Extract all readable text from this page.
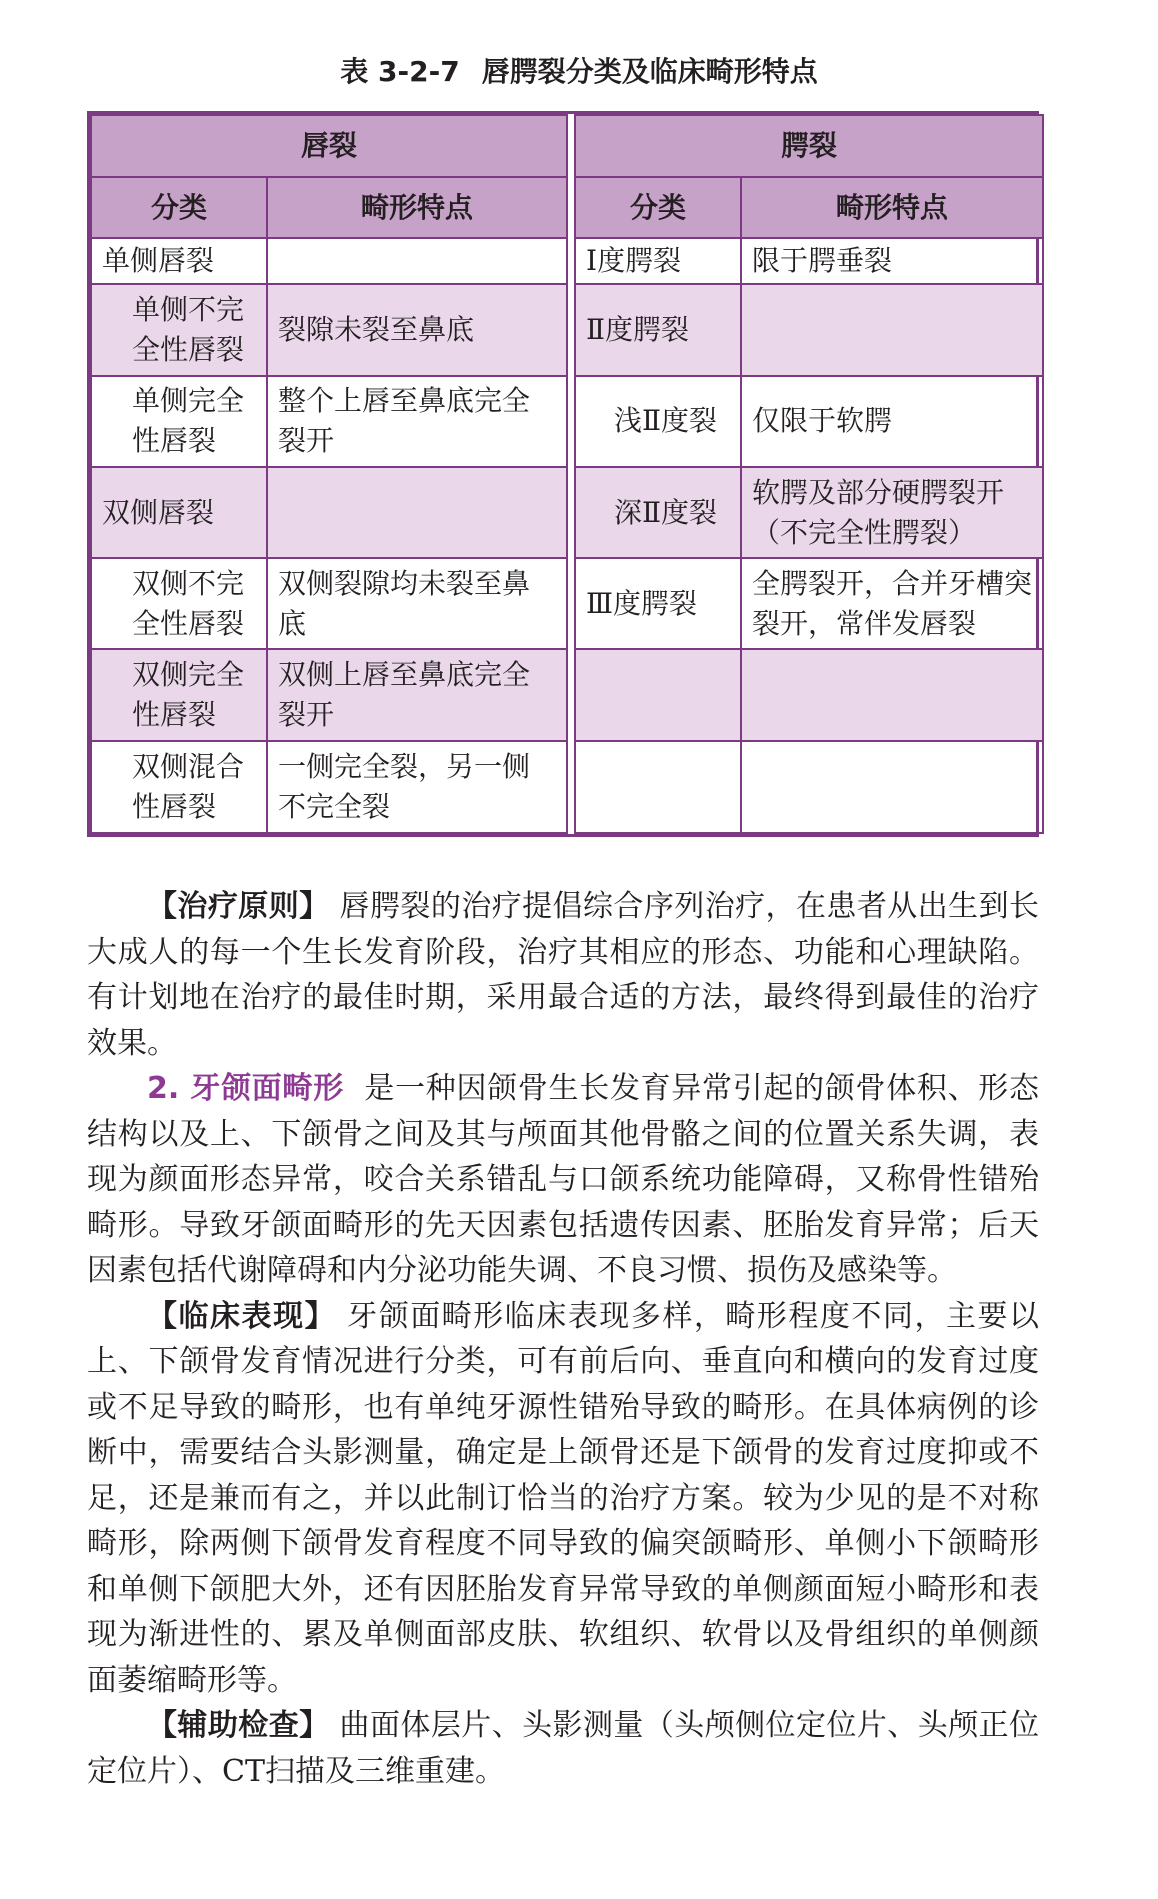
表 3-2-7 唇腭裂分类及临床畸形特点
唇裂			腭裂	
分类	畸形特点		分类	畸形特点
单侧唇裂			Ⅰ度腭裂	限于腭垂裂
单侧不完全性唇裂	裂隙未裂至鼻底		Ⅱ度腭裂	
单侧完全性唇裂	整个上唇至鼻底完全裂开		浅Ⅱ度裂	仅限于软腭
双侧唇裂			深Ⅱ度裂	软腭及部分硬腭裂开（不完全性腭裂）
双侧不完全性唇裂	双侧裂隙均未裂至鼻底		Ⅲ度腭裂	全腭裂开，合并牙槽突裂开，常伴发唇裂
双侧完全性唇裂	双侧上唇至鼻底完全裂开			
双侧混合性唇裂	一侧完全裂，另一侧不完全裂			

【治疗原则】 唇腭裂的治疗提倡综合序列治疗，在患者从出生到长大成人的每一个生长发育阶段，治疗其相应的形态、功能和心理缺陷。有计划地在治疗的最佳时期，采用最合适的方法，最终得到最佳的治疗效果。

2. 牙颌面畸形 是一种因颌骨生长发育异常引起的颌骨体积、形态结构以及上、下颌骨之间及其与颅面其他骨骼之间的位置关系失调，表现为颜面形态异常，咬合关系错乱与口颌系统功能障碍，又称骨性错殆畸形。导致牙颌面畸形的先天因素包括遗传因素、胚胎发育异常；后天因素包括代谢障碍和内分泌功能失调、不良习惯、损伤及感染等。

【临床表现】 牙颌面畸形临床表现多样，畸形程度不同，主要以上、下颌骨发育情况进行分类，可有前后向、垂直向和横向的发育过度或不足导致的畸形，也有单纯牙源性错殆导致的畸形。在具体病例的诊断中，需要结合头影测量，确定是上颌骨还是下颌骨的发育过度抑或不足，还是兼而有之，并以此制订恰当的治疗方案。较为少见的是不对称畸形，除两侧下颌骨发育程度不同导致的偏突颌畸形、单侧小下颌畸形和单侧下颌肥大外，还有因胚胎发育异常导致的单侧颜面短小畸形和表现为渐进性的、累及单侧面部皮肤、软组织、软骨以及骨组织的单侧颜面萎缩畸形等。

【辅助检查】 曲面体层片、头影测量（头颅侧位定位片、头颅正位定位片）、CT扫描及三维重建。
